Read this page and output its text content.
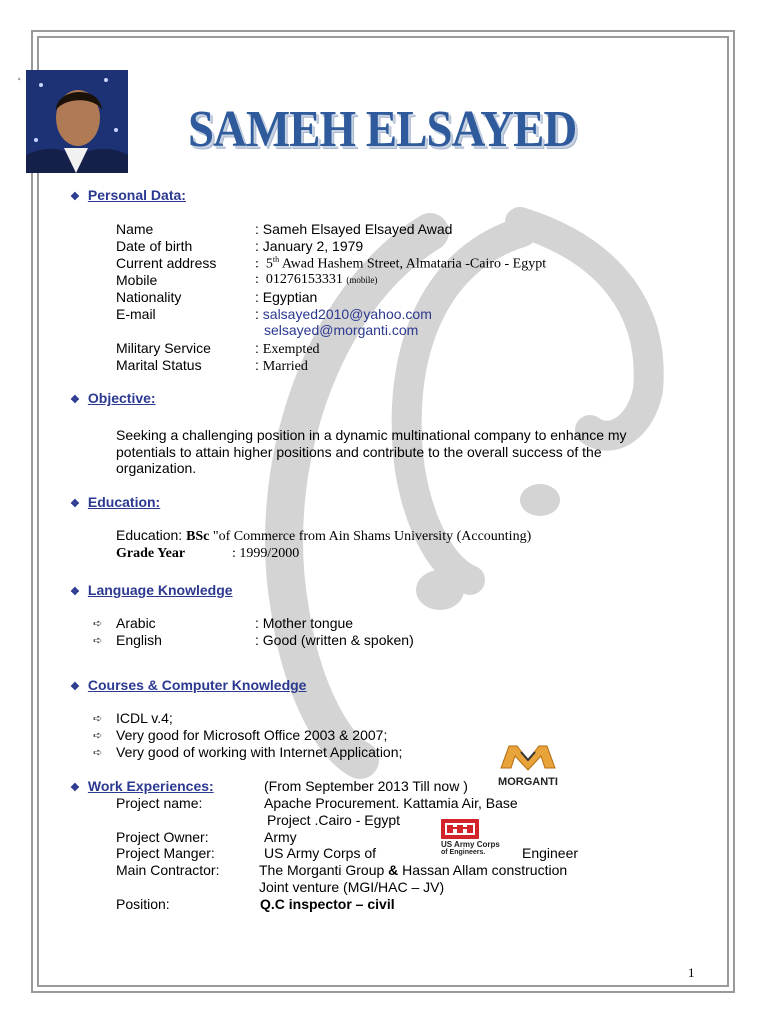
ة
SAMEH ELSAYED
❖ Personal Data:
Name	: Sameh Elsayed Elsayed Awad
Date of birth	: January 2, 1979
Current address	: 5th Awad Hashem Street, Almataria -Cairo - Egypt
Mobile	: 01276153331 (mobile)
Nationality	: Egyptian
E-mail	: salsayed2010@yahoo.com
selsayed@morganti.com
Military Service	: Exempted
Marital Status	: Married
❖ Objective:
Seeking a challenging position in a dynamic multinational company to enhance my
potentials to attain higher positions and contribute to the overall success of the
organization.
❖ Education:
Education: BSc "of Commerce from Ain Shams University (Accounting)
Grade Year	: 1999/2000
❖ Language Knowledge
➪ Arabic	: Mother tongue
➪ English	: Good (written & spoken)
❖ Courses & Computer Knowledge
➪ ICDL v.4;
➪ Very good for Microsoft Office 2003 & 2007;
➪ Very good of working with Internet Application;
MORGANTI
❖ Work Experiences:	(From September 2013 Till now )
Project name:	Apache Procurement. Kattamia Air, Base
Project .Cairo - Egypt
Project Owner:	Army	US Army Corps
of Engineers.
Project Manger:	US Army Corps of	Engineer
Main Contractor:	The Morganti Group & Hassan Allam construction
Joint venture (MGI/HAC – JV)
Position:	Q.C inspector – civil
1
